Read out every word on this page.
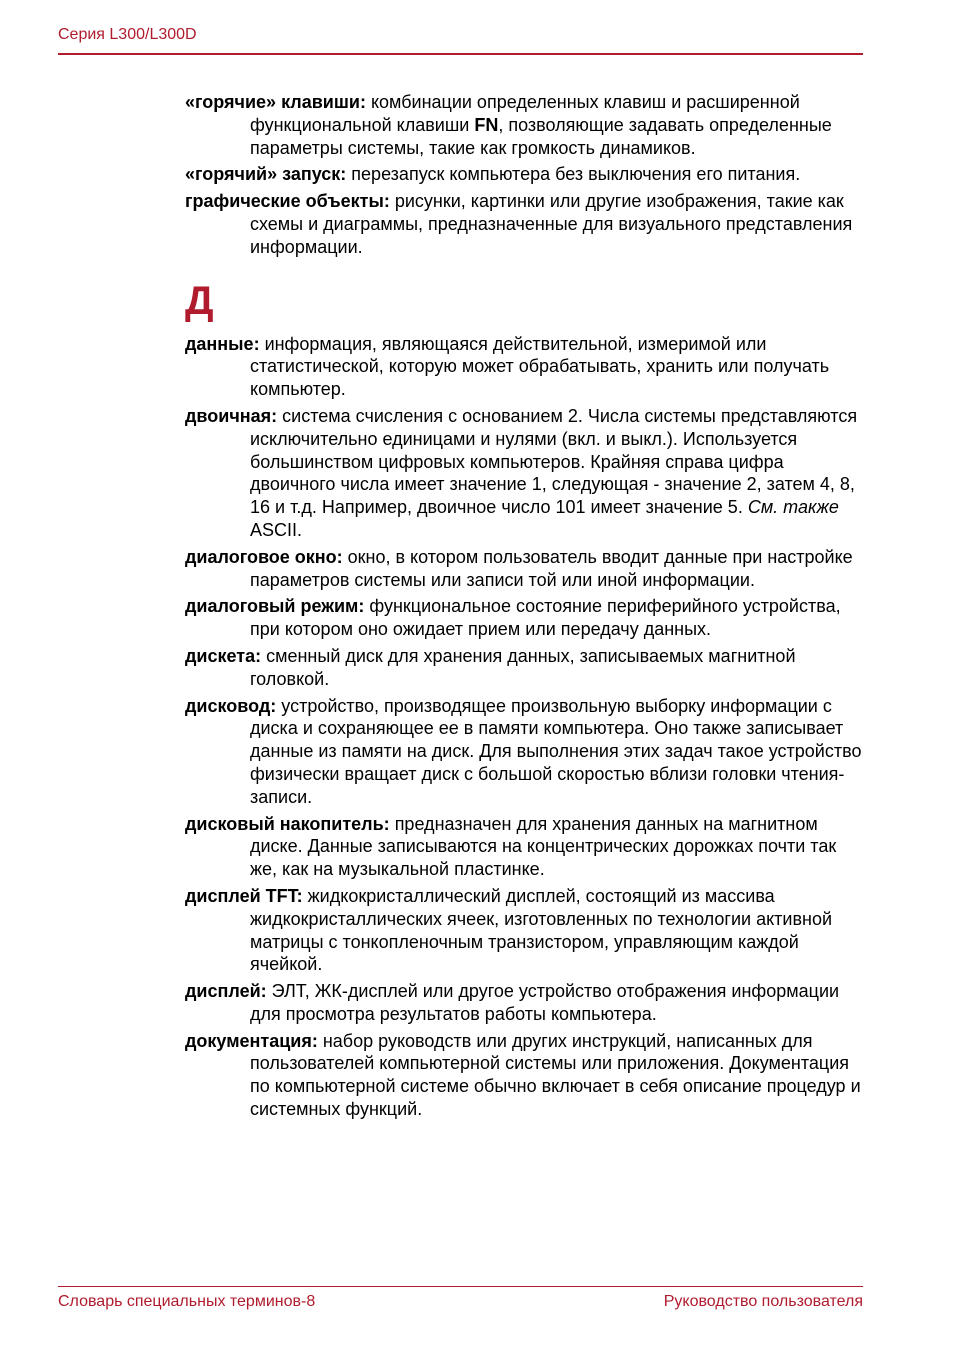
Серия L300/L300D

«горячие» клавиши: комбинации определенных клавиш и расширенной функциональной клавиши FN, позволяющие задавать определенные параметры системы, такие как громкость динамиков.

«горячий» запуск: перезапуск компьютера без выключения его питания.

графические объекты: рисунки, картинки или другие изображения, такие как схемы и диаграммы, предназначенные для визуального представления информации.

Д

данные: информация, являющаяся действительной, измеримой или статистической, которую может обрабатывать, хранить или получать компьютер.

двоичная: система счисления с основанием 2. Числа системы представляются исключительно единицами и нулями (вкл. и выкл.). Используется большинством цифровых компьютеров. Крайняя справа цифра двоичного числа имеет значение 1, следующая - значение 2, затем 4, 8, 16 и т.д. Например, двоичное число 101 имеет значение 5. См. также ASCII.

диалоговое окно: окно, в котором пользователь вводит данные при настройке параметров системы или записи той или иной информации.

диалоговый режим: функциональное состояние периферийного устройства, при котором оно ожидает прием или передачу данных.

дискета: сменный диск для хранения данных, записываемых магнитной головкой.

дисковод: устройство, производящее произвольную выборку информации с диска и сохраняющее ее в памяти компьютера. Оно также записывает данные из памяти на диск. Для выполнения этих задач такое устройство физически вращает диск с большой скоростью вблизи головки чтения-записи.

дисковый накопитель: предназначен для хранения данных на магнитном диске. Данные записываются на концентрических дорожках почти так же, как на музыкальной пластинке.

дисплей TFT: жидкокристаллический дисплей, состоящий из массива жидкокристаллических ячеек, изготовленных по технологии активной матрицы с тонкопленочным транзистором, управляющим каждой ячейкой.

дисплей: ЭЛТ, ЖК-дисплей или другое устройство отображения информации для просмотра результатов работы компьютера.

документация: набор руководств или других инструкций, написанных для пользователей компьютерной системы или приложения. Документация по компьютерной системе обычно включает в себя описание процедур и системных функций.

Словарь специальных терминов-8	Руководство пользователя
